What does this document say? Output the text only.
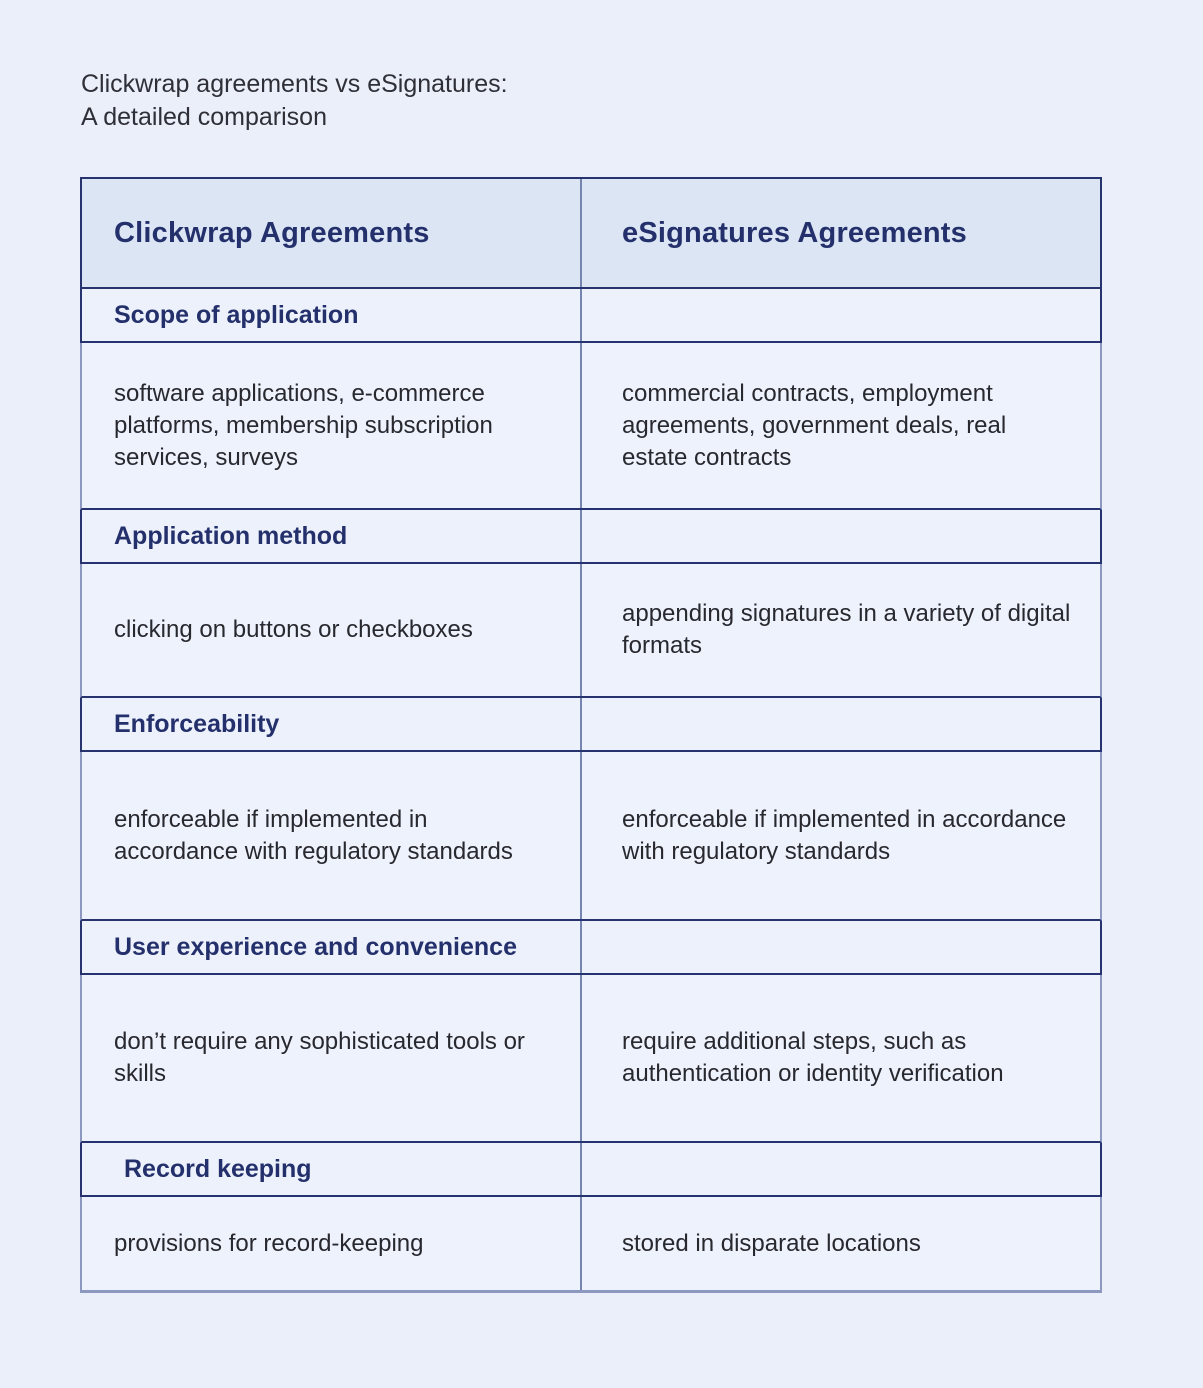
Clickwrap agreements vs eSignatures:
A detailed comparison
Clickwrap Agreements	eSignatures Agreements
Scope of application
software applications, e-commerce platforms, membership subscription services, surveys
commercial contracts, employment agreements, government deals, real estate contracts
Application method
clicking on buttons or checkboxes
appending signatures in a variety of digital formats
Enforceability
enforceable if implemented in accordance with regulatory standards
enforceable if implemented in accordance with regulatory standards
User experience and convenience
don’t require any sophisticated tools or skills
require additional steps, such as authentication or identity verification
Record keeping
provisions for record-keeping	stored in disparate locations
